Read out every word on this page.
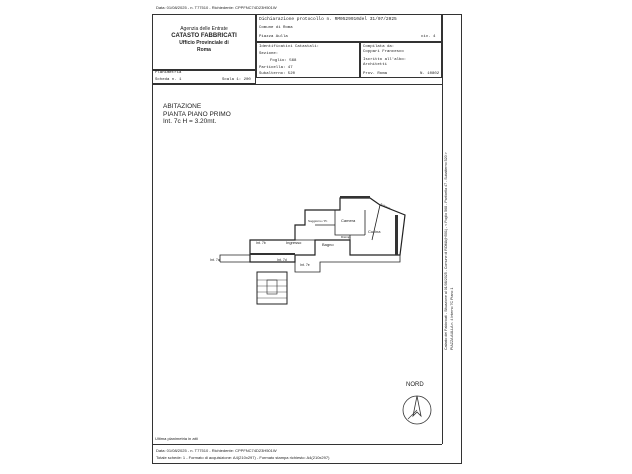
Data: 01/08/2025 - n. T77510 - Richiedente: CPPFNC74D23H501W
Agenzia delle Entrate
CATASTO FABBRICATI
Ufficio Provinciale di
Roma
Dichiarazione protocollo n. RM0529910del 31/07/2025
Comune di Roma
Piazza Aulla	civ. 4
Identificativi Catastali:
Sezione:
Foglio: 568
Particella: 47
Subalterno: 520
Compilata da:
Coppari Francesco
Iscritto all'albo:
Architetti
Prov. Roma	N. 10802
Planimetria
Scheda n. 1	Scala 1: 200
ABITAZIONE
PIANTA PIANO PRIMO
Int. 7c H = 3.20mt.
Camera
Cucina
Soggiorno / Pr.
Ingresso	Bagno
Disimp.
Balcone
Int. 7b
Int. 7a	Int. 7d
Int. 7e
NORD
Ultima planimetria in atti
Catasto dei Fabbricati - Situazione al 01/08/2025 - Comune di ROMA(H501) - < Foglio 568 - Particella 47 - Subalterno 520 > PIAZZA AULLA n. 4 Interno 7C Piano 1
Data: 01/08/2025 - n. T77510 - Richiedente: CPPFNC74D23H501W
Totale schede: 1 - Formato di acquisizione: A4(210x297) - Formato stampa richiesto: A4(210x297)
